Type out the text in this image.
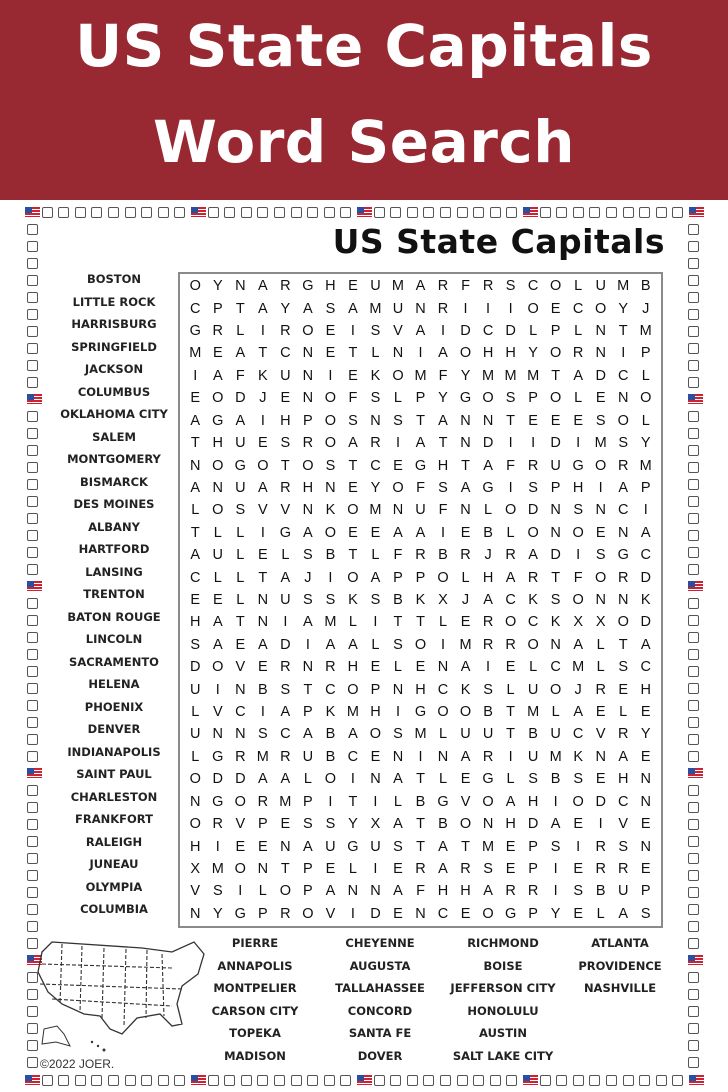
US State Capitals
Word Search
US State Capitals
BOSTON
LITTLE ROCK
HARRISBURG
SPRINGFIELD
JACKSON
COLUMBUS
OKLAHOMA CITY
SALEM
MONTGOMERY
BISMARCK
DES MOINES
ALBANY
HARTFORD
LANSING
TRENTON
BATON ROUGE
LINCOLN
SACRAMENTO
HELENA
PHOENIX
DENVER
INDIANAPOLIS
SAINT PAUL
CHARLESTON
FRANKFORT
RALEIGH
JUNEAU
OLYMPIA
COLUMBIA
O Y N A R G H E U M A R F R S C O L U M B
C P T A Y A S A M U N R	I	I	I	O E C O Y J
G R L	I	R O E	I	S V A	I	D C D L P L N T M
M E A T C N E T L N	I	A O H H Y O R N	I	P
I	A F K U N	I	E K O M F Y M M M T A D C L
E O D J E N O F S L P Y G O S P O L E N O
A G A	I	H P O S N S T A N N T E E E S O L
T H U E S R O A R	I	A T N D	I	I	D	I M S Y
N O G O T O S T C E G H T A F R U G O R M
A N U A R H N E Y O F S A G	I	S P H	I	A P
L O S V V N K O M N U F N L O D N S N C	I
T L L	I	G A O E E A A	I	E B L O N O E N A
A U L E L S B T L F R B R J R A D	I	S G C
C L L T A J	I	O A P P O L H A R T F O R D
E E L N U S S K S B K X J A C K S O N N K
H A T N	I	A M L	I	T T L E R O C K X X O D
S A E A D	I	A A L S O	I M R R O N A L T A
D O V E R N R H E L E N A	I	E L C M L S C
U	I	N B S T C O P N H C K S L U O J R E H
L V C	I	A P K M H	I	G O O B T M L A E L E
U N N S C A B A O S M L U U T B U C V R Y
L G R M R U B C E N	I	N A R	I	U M K N A E
O D D A A L O	I	N A T L E G L S B S E H N
N G O R M P	I	T	I	L B G V O A H	I	O D C N
O R V P E S S Y X A T B O N H D A E	I	V E
H	I	E E N A U G U S T A T M E P S	I	R S N
X M O N T P E L	I	E R A R S E P	I	E R R E
V S	I	L O P A N N A F H H A R R	I	S B U P
N Y G P R O V	I	D E N C E O G P Y E L A S
©2022 JOER.
PIERRE
ANNAPOLIS
MONTPELIER
CARSON CITY
TOPEKA
MADISON
CHEYENNE
AUGUSTA
TALLAHASSEE
CONCORD
SANTA FE
DOVER
RICHMOND
BOISE
JEFFERSON CITY
HONOLULU
AUSTIN
SALT LAKE CITY
ATLANTA
PROVIDENCE
NASHVILLE
